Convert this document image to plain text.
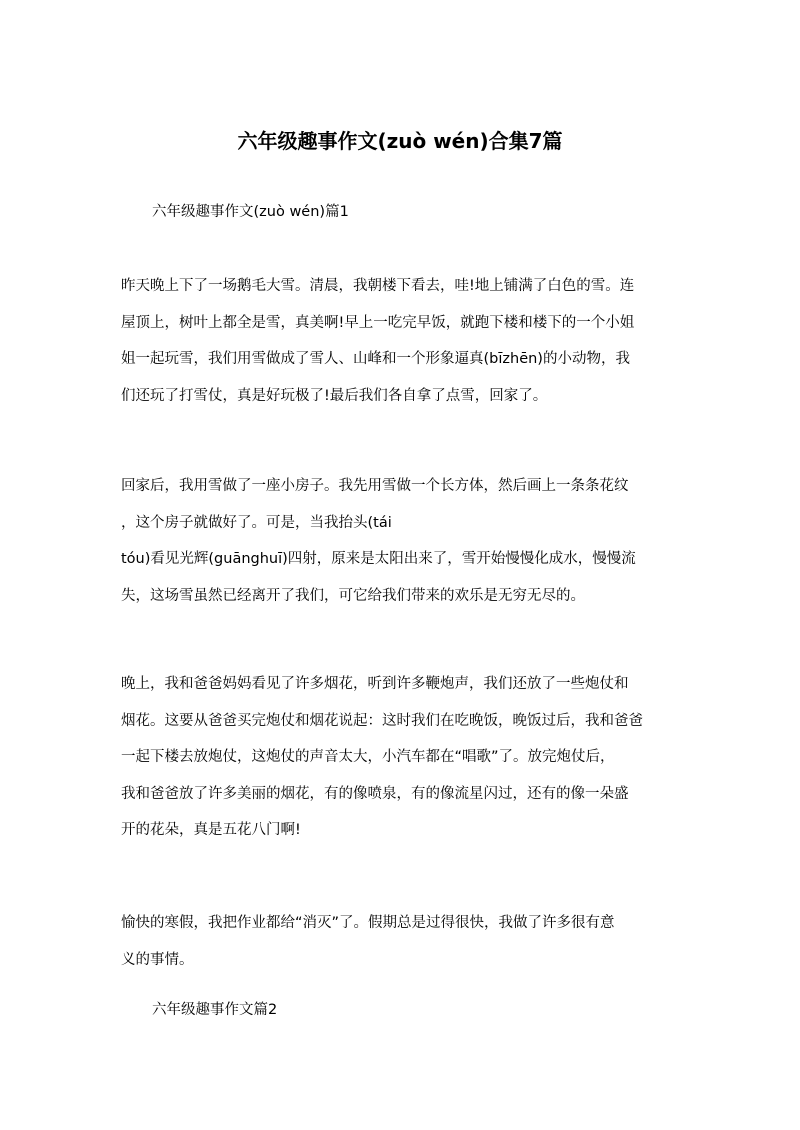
六年级趣事作文(zuò wén)合集7篇

六年级趣事作文(zuò wén)篇1

昨天晚上下了一场鹅毛大雪。清晨，我朝楼下看去，哇!地上铺满了白色的雪。连
屋顶上，树叶上都全是雪，真美啊!早上一吃完早饭，就跑下楼和楼下的一个小姐
姐一起玩雪，我们用雪做成了雪人、山峰和一个形象逼真(bīzhēn)的小动物，我
们还玩了打雪仗，真是好玩极了!最后我们各自拿了点雪，回家了。

回家后，我用雪做了一座小房子。我先用雪做一个长方体，然后画上一条条花纹
，这个房子就做好了。可是，当我抬头(tái
tóu)看见光辉(guānghuī)四射，原来是太阳出来了，雪开始慢慢化成水，慢慢流
失，这场雪虽然已经离开了我们，可它给我们带来的欢乐是无穷无尽的。

晚上，我和爸爸妈妈看见了许多烟花，听到许多鞭炮声，我们还放了一些炮仗和
烟花。这要从爸爸买完炮仗和烟花说起：这时我们在吃晚饭，晚饭过后，我和爸爸
一起下楼去放炮仗，这炮仗的声音太大，小汽车都在“唱歌”了。放完炮仗后，
我和爸爸放了许多美丽的烟花，有的像喷泉，有的像流星闪过，还有的像一朵盛
开的花朵，真是五花八门啊!

愉快的寒假，我把作业都给“消灭”了。假期总是过得很快，我做了许多很有意
义的事情。

六年级趣事作文篇2
